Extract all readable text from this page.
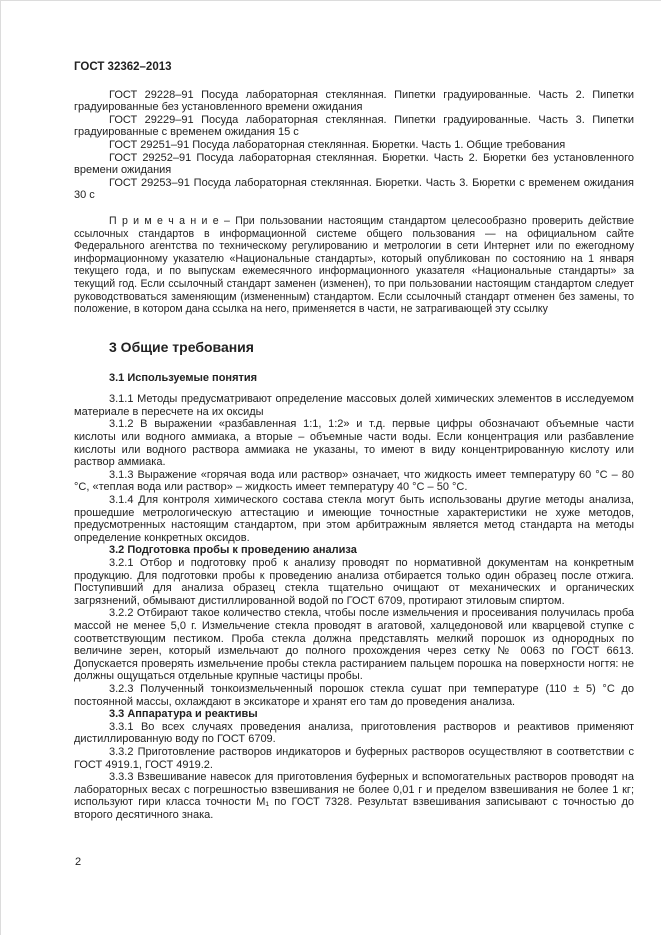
ГОСТ 32362–2013

ГОСТ 29228–91 Посуда лабораторная стеклянная. Пипетки градуированные. Часть 2. Пипетки градуированные без установленного времени ожидания

ГОСТ 29229–91 Посуда лабораторная стеклянная. Пипетки градуированные. Часть 3. Пипетки градуированные с временем ожидания 15 с

ГОСТ 29251–91 Посуда лабораторная стеклянная. Бюретки. Часть 1. Общие требования

ГОСТ 29252–91 Посуда лабораторная стеклянная. Бюретки. Часть 2. Бюретки без установленного времени ожидания

ГОСТ 29253–91 Посуда лабораторная стеклянная. Бюретки. Часть 3. Бюретки с временем ожидания 30 с

П р и м е ч а н и е – При пользовании настоящим стандартом целесообразно проверить действие ссылочных стандартов в информационной системе общего пользования — на официальном сайте Федерального агентства по техническому регулированию и метрологии в сети Интернет или по ежегодному информационному указателю «Национальные стандарты», который опубликован по состоянию на 1 января текущего года, и по выпускам ежемесячного информационного указателя «Национальные стандарты» за текущий год. Если ссылочный стандарт заменен (изменен), то при пользовании настоящим стандартом следует руководствоваться заменяющим (измененным) стандартом. Если ссылочный стандарт отменен без замены, то положение, в котором дана ссылка на него, применяется в части, не затрагивающей эту ссылку

3 Общие требования
3.1 Используемые понятия

3.1.1 Методы предусматривают определение массовых долей химических элементов в исследуемом материале в пересчете на их оксиды

3.1.2 В выражении «разбавленная 1:1, 1:2» и т.д. первые цифры обозначают объемные части кислоты или водного аммиака, а вторые – объемные части воды. Если концентрация или разбавление кислоты или водного раствора аммиака не указаны, то имеют в виду концентрированную кислоту или раствор аммиака.

3.1.3 Выражение «горячая вода или раствор» означает, что жидкость имеет температуру 60 °С – 80 °С, «теплая вода или раствор» – жидкость имеет температуру 40 °С – 50 °С.

3.1.4 Для контроля химического состава стекла могут быть использованы другие методы анализа, прошедшие метрологическую аттестацию и имеющие точностные характеристики не хуже методов, предусмотренных настоящим стандартом, при этом арбитражным является метод стандарта на методы определение конкретных оксидов.

3.2 Подготовка пробы к проведению анализа

3.2.1 Отбор и подготовку проб к анализу проводят по нормативной документам на конкретным продукцию. Для подготовки пробы к проведению анализа отбирается только один образец после отжига. Поступивший для анализа образец стекла тщательно очищают от механических и органических загрязнений, обмывают дистиллированной водой по ГОСТ 6709, протирают этиловым спиртом.

3.2.2 Отбирают такое количество стекла, чтобы после измельчения и просеивания получилась проба массой не менее 5,0 г. Измельчение стекла проводят в агатовой, халцедоновой или кварцевой ступке с соответствующим пестиком. Проба стекла должна представлять мелкий порошок из однородных по величине зерен, который измельчают до полного прохождения через сетку № 0063 по ГОСТ 6613. Допускается проверять измельчение пробы стекла растиранием пальцем порошка на поверхности ногтя: не должны ощущаться отдельные крупные частицы пробы.

3.2.3 Полученный тонкоизмельченный порошок стекла сушат при температуре (110 ± 5) °С до постоянной массы, охлаждают в эксикаторе и хранят его там до проведения анализа.

3.3 Аппаратура и реактивы

3.3.1 Во всех случаях проведения анализа, приготовления растворов и реактивов применяют дистиллированную воду по ГОСТ 6709.

3.3.2 Приготовление растворов индикаторов и буферных растворов осуществляют в соответствии с ГОСТ 4919.1, ГОСТ 4919.2.

3.3.3 Взвешивание навесок для приготовления буферных и вспомогательных растворов проводят на лабораторных весах с погрешностью взвешивания не более 0,01 г и пределом взвешивания не более 1 кг; используют гири класса точности М₁ по ГОСТ 7328. Результат взвешивания записывают с точностью до второго десятичного знака.

2
